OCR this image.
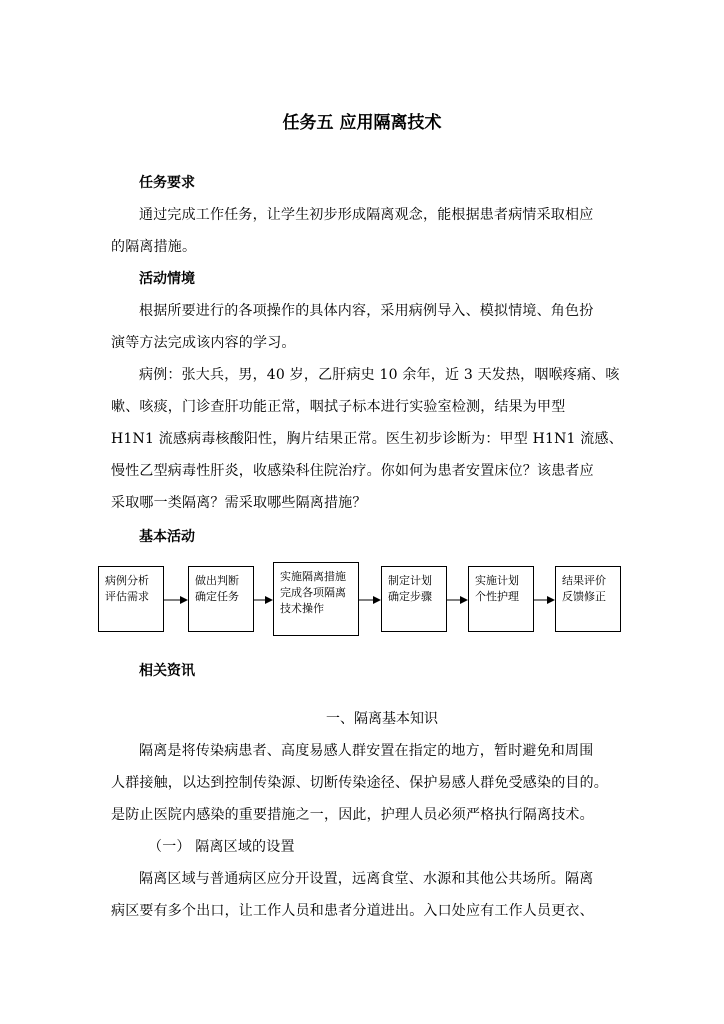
任务五 应用隔离技术
任务要求
通过完成工作任务，让学生初步形成隔离观念，能根据患者病情采取相应
的隔离措施。
活动情境
根据所要进行的各项操作的具体内容，采用病例导入、模拟情境、角色扮
演等方法完成该内容的学习。
病例：张大兵，男，40 岁，乙肝病史 10 余年，近 3 天发热，咽喉疼痛、咳
嗽、咳痰，门诊查肝功能正常，咽拭子标本进行实验室检测，结果为甲型
H1N1 流感病毒核酸阳性，胸片结果正常。医生初步诊断为：甲型 H1N1 流感、
慢性乙型病毒性肝炎，收感染科住院治疗。你如何为患者安置床位？该患者应
采取哪一类隔离？需采取哪些隔离措施？
基本活动
病例分析
评估需求
做出判断
确定任务
实施隔离措施
完成各项隔离
技术操作
制定计划
确定步骤
实施计划
个性护理
结果评价
反馈修正
相关资讯
一、隔离基本知识
隔离是将传染病患者、高度易感人群安置在指定的地方，暂时避免和周围
人群接触，以达到控制传染源、切断传染途径、保护易感人群免受感染的目的。
是防止医院内感染的重要措施之一，因此，护理人员必须严格执行隔离技术。
（一） 隔离区域的设置
隔离区域与普通病区应分开设置，远离食堂、水源和其他公共场所。隔离
病区要有多个出口，让工作人员和患者分道进出。入口处应有工作人员更衣、
